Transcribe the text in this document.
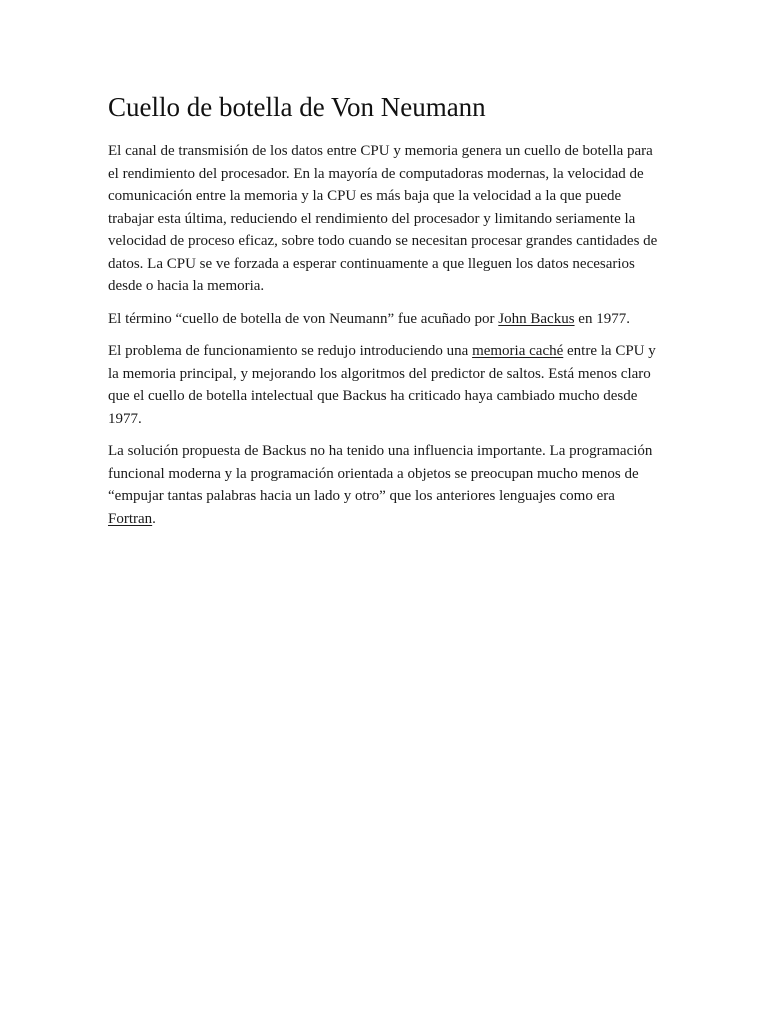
Cuello de botella de Von Neumann

El canal de transmisión de los datos entre CPU y memoria genera un cuello de botella para el rendimiento del procesador. En la mayoría de computadoras modernas, la velocidad de comunicación entre la memoria y la CPU es más baja que la velocidad a la que puede trabajar esta última, reduciendo el rendimiento del procesador y limitando seriamente la velocidad de proceso eficaz, sobre todo cuando se necesitan procesar grandes cantidades de datos. La CPU se ve forzada a esperar continuamente a que lleguen los datos necesarios desde o hacia la memoria.

El término “cuello de botella de von Neumann” fue acuñado por John Backus en 1977.

El problema de funcionamiento se redujo introduciendo una memoria caché entre la CPU y la memoria principal, y mejorando los algoritmos del predictor de saltos. Está menos claro que el cuello de botella intelectual que Backus ha criticado haya cambiado mucho desde 1977.

La solución propuesta de Backus no ha tenido una influencia importante. La programación funcional moderna y la programación orientada a objetos se preocupan mucho menos de “empujar tantas palabras hacia un lado y otro” que los anteriores lenguajes como era Fortran.
